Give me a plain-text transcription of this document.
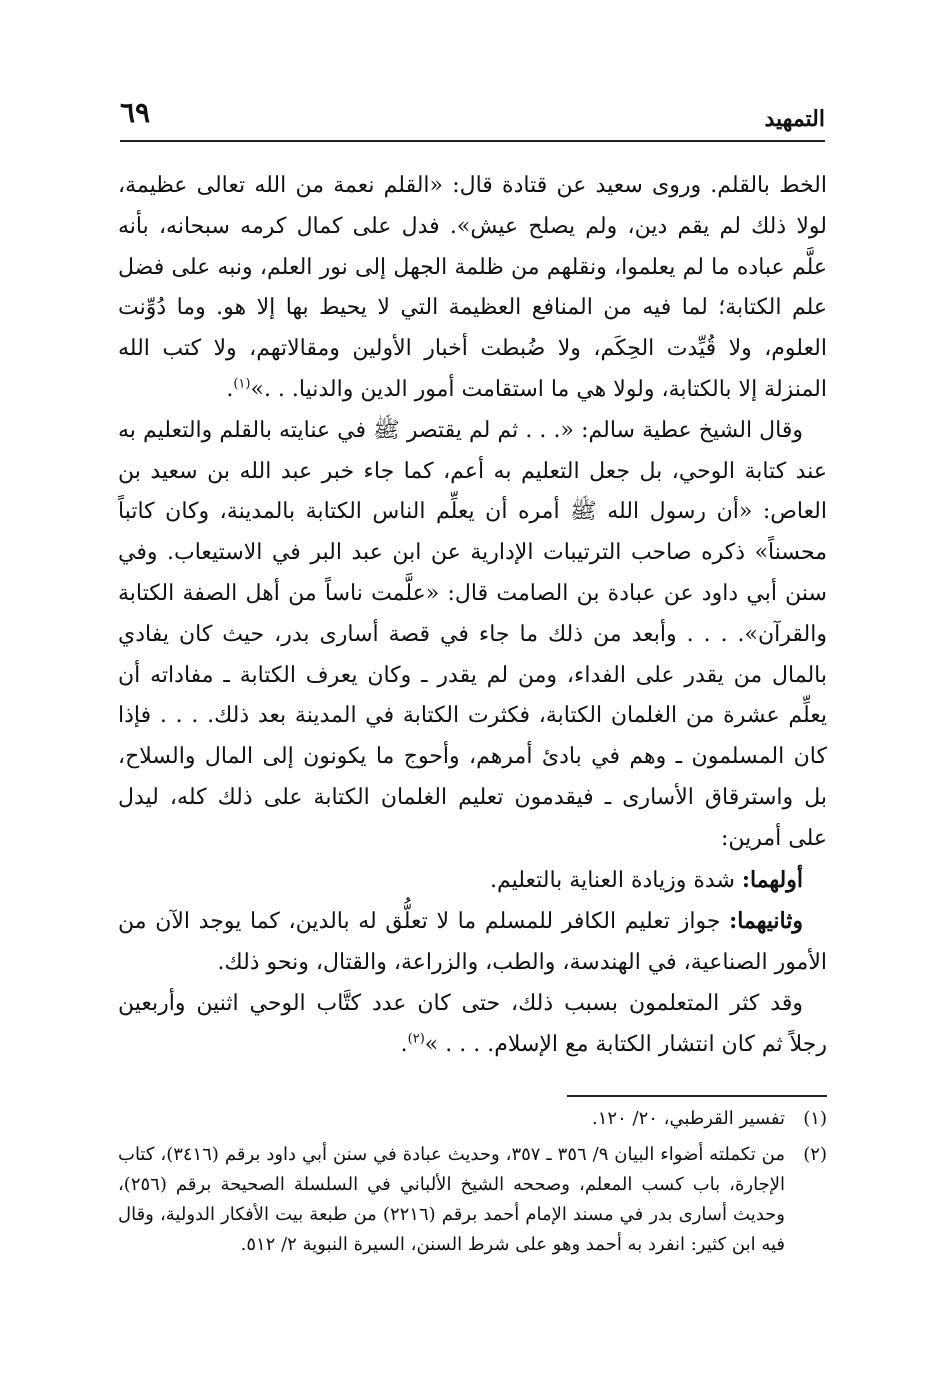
التمهيد
٦٩

الخط بالقلم. وروى سعيد عن قتادة قال: «القلم نعمة من الله تعالى عظيمة، لولا ذلك لم يقم دين، ولم يصلح عيش». فدل على كمال كرمه سبحانه، بأنه علَّم عباده ما لم يعلموا، ونقلهم من ظلمة الجهل إلى نور العلم، ونبه على فضل علم الكتابة؛ لما فيه من المنافع العظيمة التي لا يحيط بها إلا هو. وما دُوِّنت العلوم، ولا قُيِّدت الحِكَم، ولا ضُبطت أخبار الأولين ومقالاتهم، ولا كتب الله المنزلة إلا بالكتابة، ولولا هي ما استقامت أمور الدين والدنيا. . .»$^{(١)}$.

وقال الشيخ عطية سالم: «. . . ثم لم يقتصر ﷺ في عنايته بالقلم والتعليم به عند كتابة الوحي، بل جعل التعليم به أعم، كما جاء خبر عبد الله بن سعيد بن العاص: «أن رسول الله ﷺ أمره أن يعلِّم الناس الكتابة بالمدينة، وكان كاتباً محسناً» ذكره صاحب الترتيبات الإدارية عن ابن عبد البر في الاستيعاب. وفي سنن أبي داود عن عبادة بن الصامت قال: «علَّمت ناساً من أهل الصفة الكتابة والقرآن». . . . وأبعد من ذلك ما جاء في قصة أسارى بدر، حيث كان يفادي بالمال من يقدر على الفداء، ومن لم يقدر ـ وكان يعرف الكتابة ـ مفاداته أن يعلِّم عشرة من الغلمان الكتابة، فكثرت الكتابة في المدينة بعد ذلك. . . . فإذا كان المسلمون ـ وهم في بادئ أمرهم، وأحوج ما يكونون إلى المال والسلاح، بل واسترقاق الأسارى ـ فيقدمون تعليم الغلمان الكتابة على ذلك كله، ليدل على أمرين:

أولهما: شدة وزيادة العناية بالتعليم.

وثانيهما: جواز تعليم الكافر للمسلم ما لا تعلُّق له بالدين، كما يوجد الآن من الأمور الصناعية، في الهندسة، والطب، والزراعة، والقتال، ونحو ذلك.

وقد كثر المتعلمون بسبب ذلك، حتى كان عدد كتَّاب الوحي اثنين وأربعين رجلاً ثم كان انتشار الكتابة مع الإسلام. . . . »$^{(٢)}$.

(١)
تفسير القرطبي، ٢٠/ ١٢٠.
(٢)
من تكملته أضواء البيان ٩/ ٣٥٦ ـ ٣٥٧، وحديث عبادة في سنن أبي داود برقم (٣٤١٦)، كتاب الإجارة، باب كسب المعلم، وصححه الشيخ الألباني في السلسلة الصحيحة برقم (٢٥٦)، وحديث أسارى بدر في مسند الإمام أحمد برقم (٢٢١٦) من طبعة بيت الأفكار الدولية، وقال فيه ابن كثير: انفرد به أحمد وهو على شرط السنن، السيرة النبوية ٢/ ٥١٢.
